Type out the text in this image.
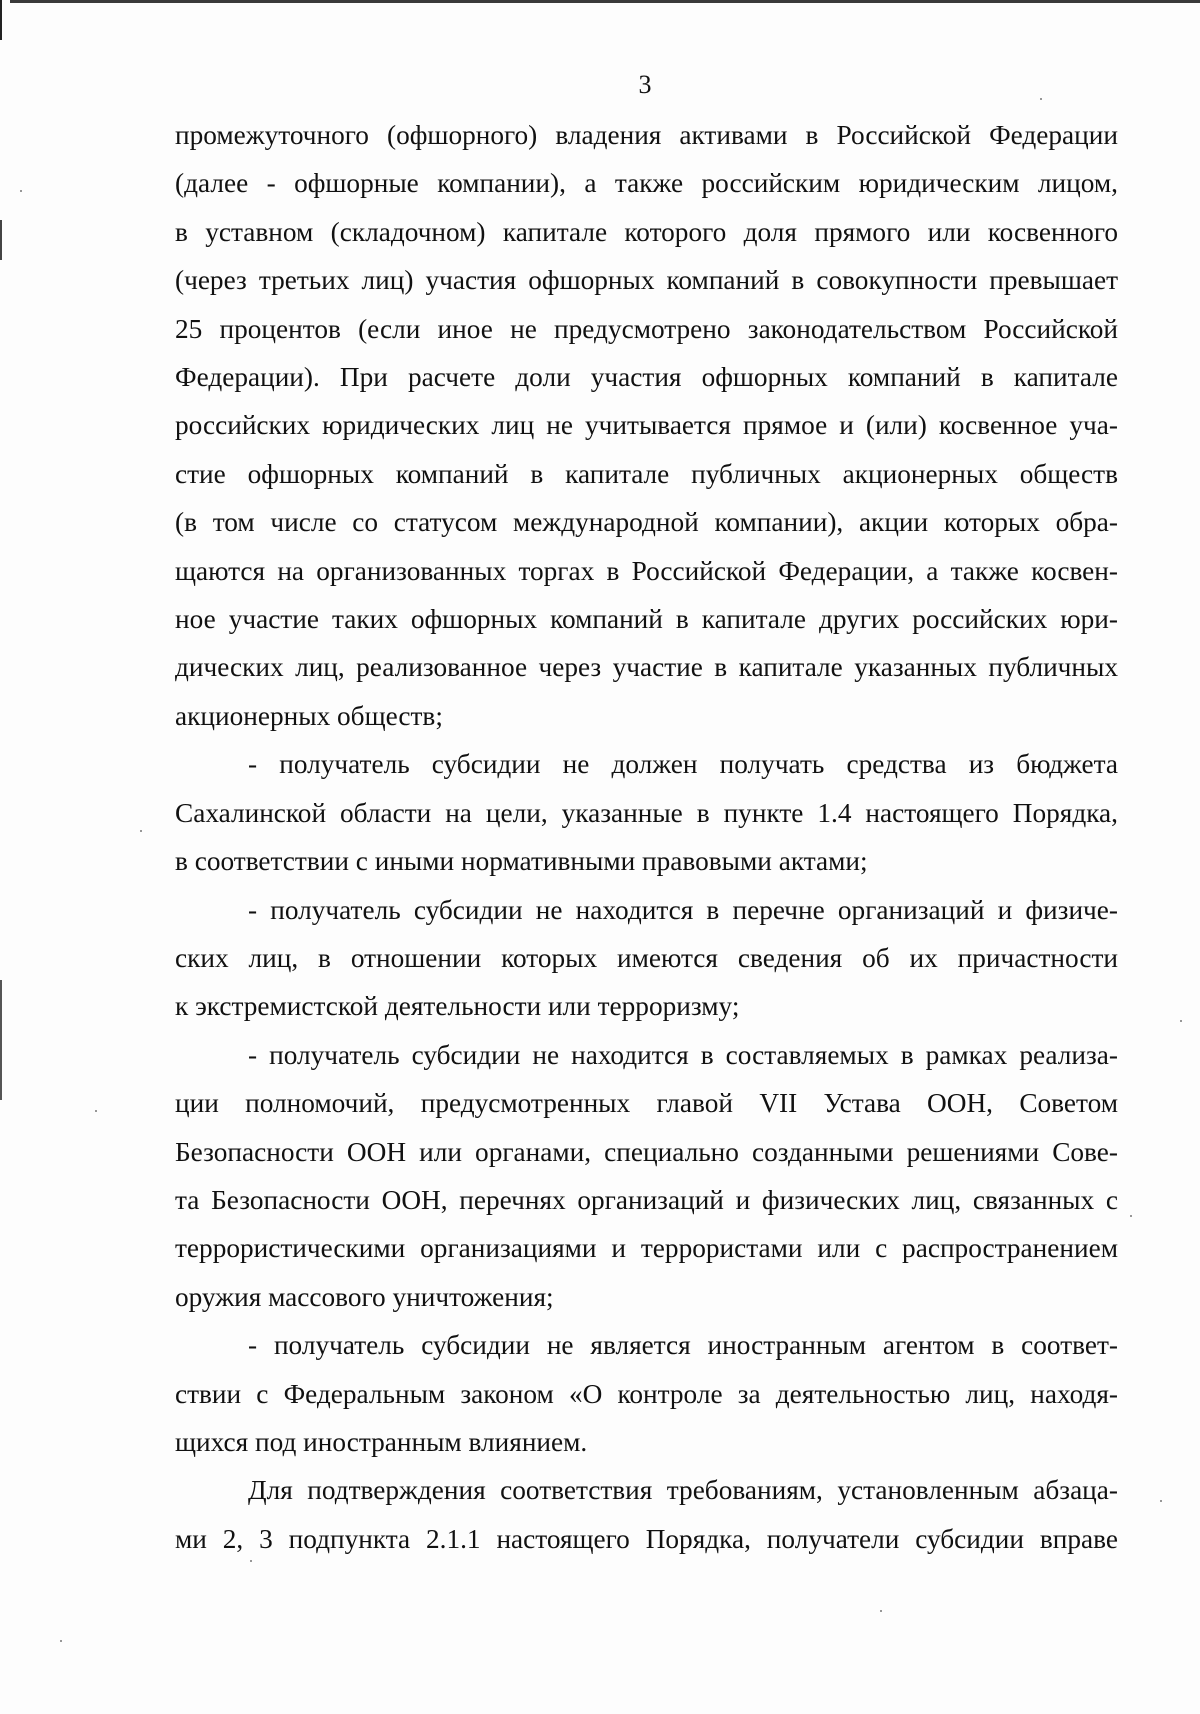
3
промежуточного (офшорного) владения активами в Российской Федерации
(далее - офшорные компании), а также российским юридическим лицом,
в уставном (складочном) капитале которого доля прямого или косвенного
(через третьих лиц) участия офшорных компаний в совокупности превышает
25 процентов (если иное не предусмотрено законодательством Российской
Федерации). При расчете доли участия офшорных компаний в капитале
российских юридических лиц не учитывается прямое и (или) косвенное уча-
стие офшорных компаний в капитале публичных акционерных обществ
(в том числе со статусом международной компании), акции которых обра-
щаются на организованных торгах в Российской Федерации, а также косвен-
ное участие таких офшорных компаний в капитале других российских юри-
дических лиц, реализованное через участие в капитале указанных публичных
акционерных обществ;
- получатель субсидии не должен получать средства из бюджета
Сахалинской области на цели, указанные в пункте 1.4 настоящего Порядка,
в соответствии с иными нормативными правовыми актами;
- получатель субсидии не находится в перечне организаций и физиче-
ских лиц, в отношении которых имеются сведения об их причастности
к экстремистской деятельности или терроризму;
- получатель субсидии не находится в составляемых в рамках реализа-
ции полномочий, предусмотренных главой VII Устава ООН, Советом
Безопасности ООН или органами, специально созданными решениями Сове-
та Безопасности ООН, перечнях организаций и физических лиц, связанных с
террористическими организациями и террористами или с распространением
оружия массового уничтожения;
- получатель субсидии не является иностранным агентом в соответ-
ствии с Федеральным законом «О контроле за деятельностью лиц, находя-
щихся под иностранным влиянием.
Для подтверждения соответствия требованиям, установленным абзаца-
ми 2, 3 подпункта 2.1.1 настоящего Порядка, получатели субсидии вправе
